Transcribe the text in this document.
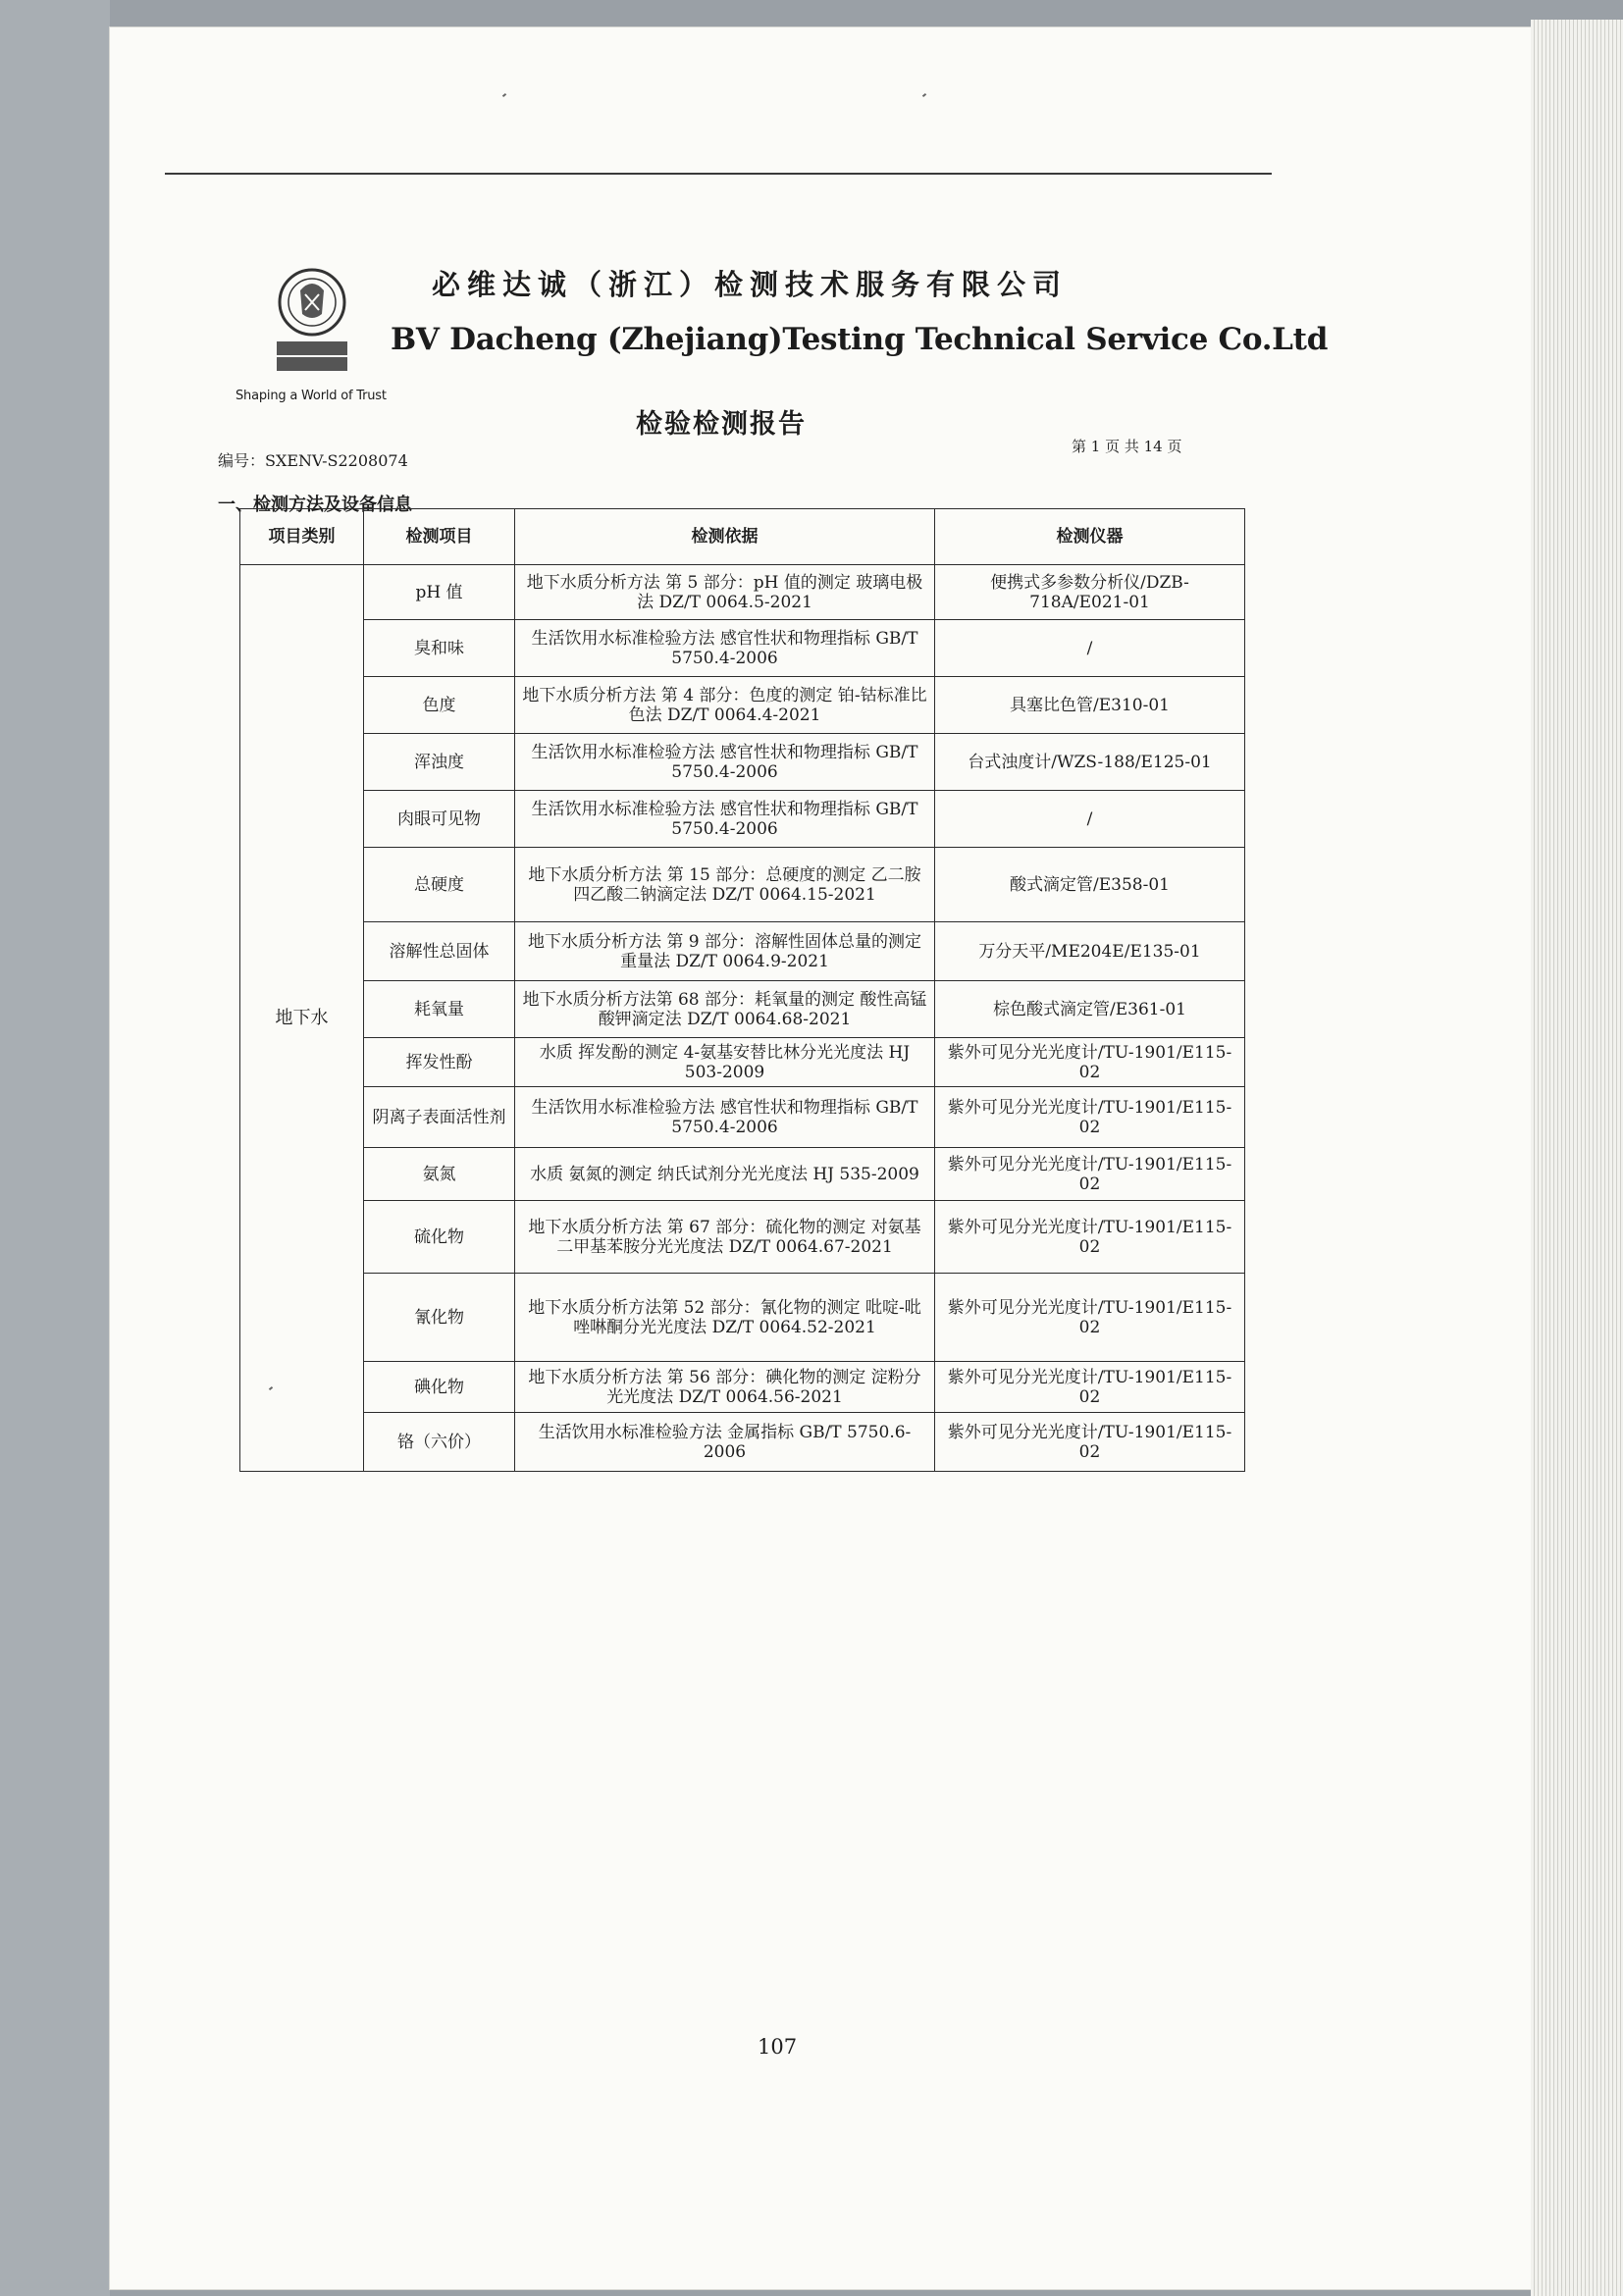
Shaping a World of Trust
必维达诚（浙江）检测技术服务有限公司
BV Dacheng (Zhejiang)Testing Technical Service Co.Ltd
检验检测报告
编号：SXENV-S2208074
第 1 页 共 14 页
一、检测方法及设备信息
项目类别	检测项目	检测依据	检测仪器
地下水	pH 值	地下水质分析方法 第 5 部分：pH 值的测定 玻璃电极法 DZ/T 0064.5-2021	便携式多参数分析仪/DZB-718A/E021-01
	臭和味	生活饮用水标准检验方法 感官性状和物理指标 GB/T 5750.4-2006	/
	色度	地下水质分析方法 第 4 部分：色度的测定 铂-钴标准比色法 DZ/T 0064.4-2021	具塞比色管/E310-01
	浑浊度	生活饮用水标准检验方法 感官性状和物理指标 GB/T 5750.4-2006	台式浊度计/WZS-188/E125-01
	肉眼可见物	生活饮用水标准检验方法 感官性状和物理指标 GB/T 5750.4-2006	/
	总硬度	地下水质分析方法 第 15 部分：总硬度的测定 乙二胺四乙酸二钠滴定法 DZ/T 0064.15-2021	酸式滴定管/E358-01
	溶解性总固体	地下水质分析方法 第 9 部分：溶解性固体总量的测定 重量法 DZ/T 0064.9-2021	万分天平/ME204E/E135-01
	耗氧量	地下水质分析方法第 68 部分：耗氧量的测定 酸性高锰酸钾滴定法 DZ/T 0064.68-2021	棕色酸式滴定管/E361-01
	挥发性酚	水质 挥发酚的测定 4-氨基安替比林分光光度法 HJ 503-2009	紫外可见分光光度计/TU-1901/E115-02
	阴离子表面活性剂	生活饮用水标准检验方法 感官性状和物理指标 GB/T 5750.4-2006	紫外可见分光光度计/TU-1901/E115-02
	氨氮	水质 氨氮的测定 纳氏试剂分光光度法 HJ 535-2009	紫外可见分光光度计/TU-1901/E115-02
	硫化物	地下水质分析方法 第 67 部分：硫化物的测定 对氨基二甲基苯胺分光光度法 DZ/T 0064.67-2021	紫外可见分光光度计/TU-1901/E115-02
	氰化物	地下水质分析方法第 52 部分：氰化物的测定 吡啶-吡唑啉酮分光光度法 DZ/T 0064.52-2021	紫外可见分光光度计/TU-1901/E115-02
	碘化物	地下水质分析方法 第 56 部分：碘化物的测定 淀粉分光光度法 DZ/T 0064.56-2021	紫外可见分光光度计/TU-1901/E115-02
	铬（六价）	生活饮用水标准检验方法 金属指标 GB/T 5750.6-2006	紫外可见分光光度计/TU-1901/E115-02
107
